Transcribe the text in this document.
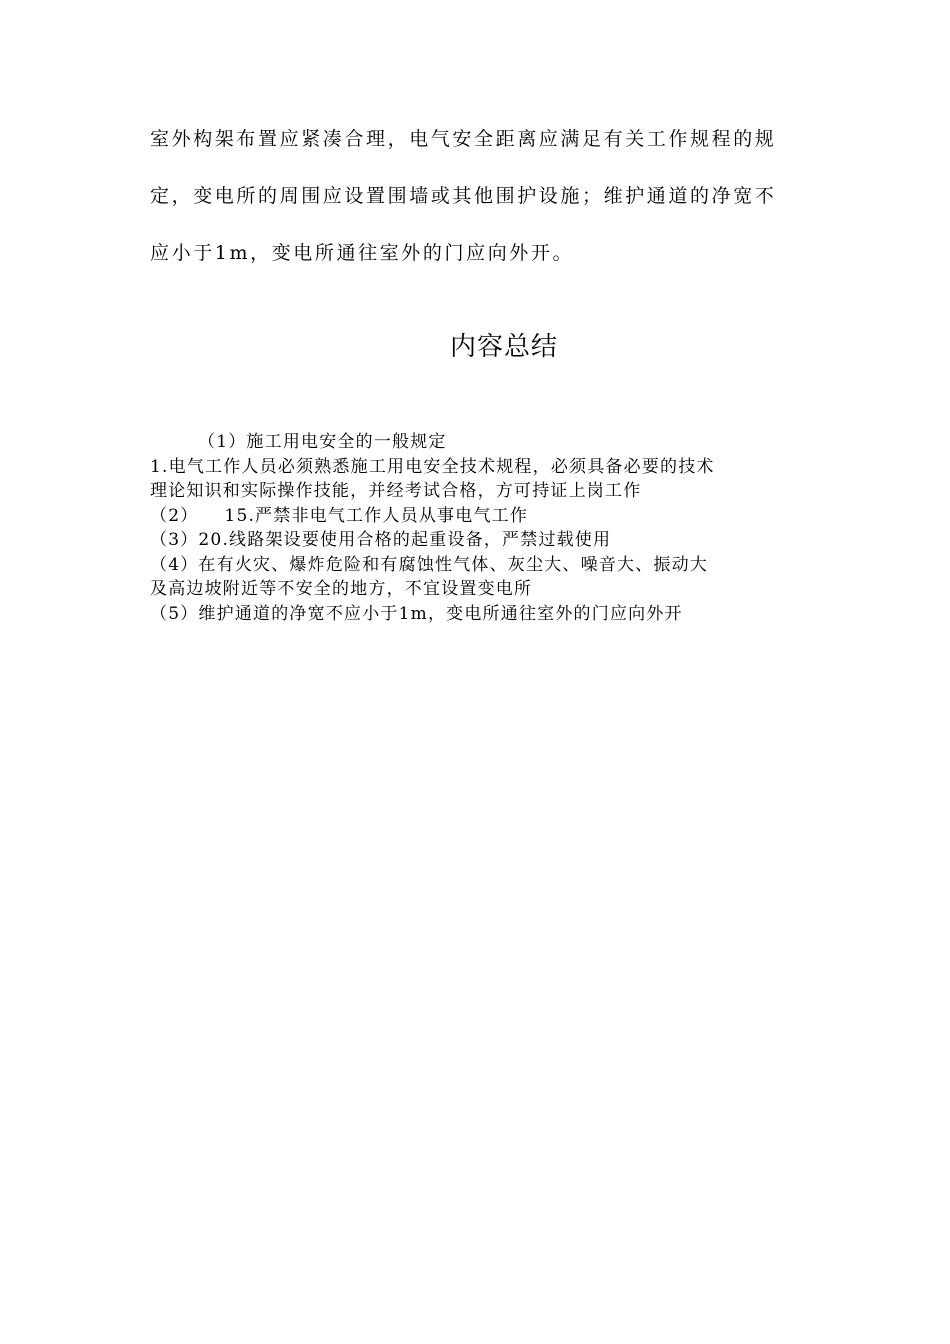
室外构架布置应紧凑合理，电气安全距离应满足有关工作规程的规
定，变电所的周围应设置围墙或其他围护设施；维护通道的净宽不
应小于1m，变电所通往室外的门应向外开。
内容总结
（1）施工用电安全的一般规定
1.电气工作人员必须熟悉施工用电安全技术规程，必须具备必要的技术
理论知识和实际操作技能，并经考试合格，方可持证上岗工作
（2） 15.严禁非电气工作人员从事电气工作
（3）20.线路架设要使用合格的起重设备，严禁过载使用
（4）在有火灾、爆炸危险和有腐蚀性气体、灰尘大、噪音大、振动大
及高边坡附近等不安全的地方，不宜设置变电所
（5）维护通道的净宽不应小于1m，变电所通往室外的门应向外开
